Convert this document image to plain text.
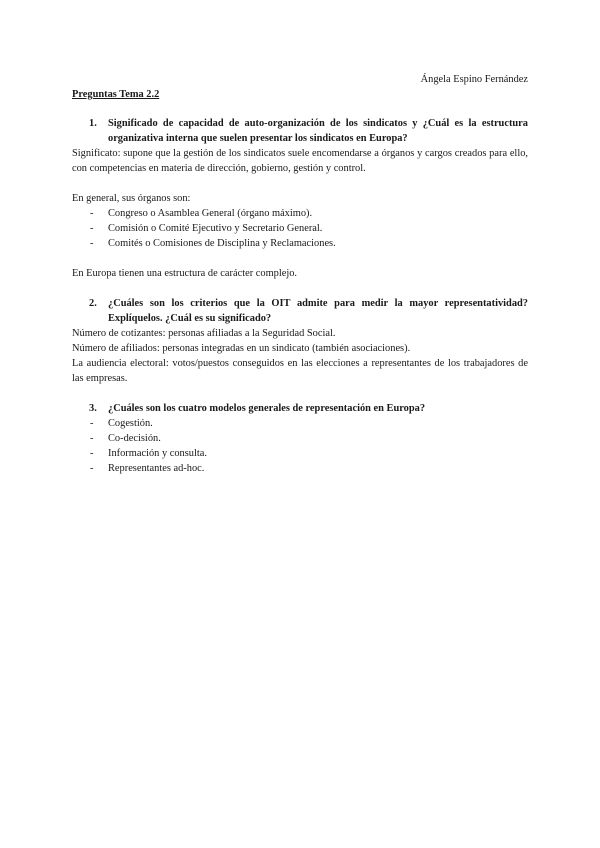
Ángela Espino Fernández
Preguntas Tema 2.2
1.	Significado de capacidad de auto-organización de los sindicatos y ¿Cuál es la estructura organizativa interna que suelen presentar los sindicatos en Europa?
Significato: supone que la gestión de los sindicatos suele encomendarse a órganos y cargos creados para ello, con competencias en materia de dirección, gobierno, gestión y control.
En general, sus órganos son:
-	Congreso o Asamblea General (órgano máximo).
-	Comisión o Comité Ejecutivo y Secretario General.
-	Comités o Comisiones de Disciplina y Reclamaciones.
En Europa tienen una estructura de carácter complejo.
2.	¿Cuáles son los criterios que la OIT admite para medir la mayor representatividad? Explíquelos. ¿Cuál es su significado?
Número de cotizantes: personas afiliadas a la Seguridad Social.
Número de afiliados: personas integradas en un sindicato (también asociaciones).
La audiencia electoral: votos/puestos conseguidos en las elecciones a representantes de los trabajadores de las empresas.
3.	¿Cuáles son los cuatro modelos generales de representación en Europa?
-	Cogestión.
-	Co-decisión.
-	Información y consulta.
-	Representantes ad-hoc.
